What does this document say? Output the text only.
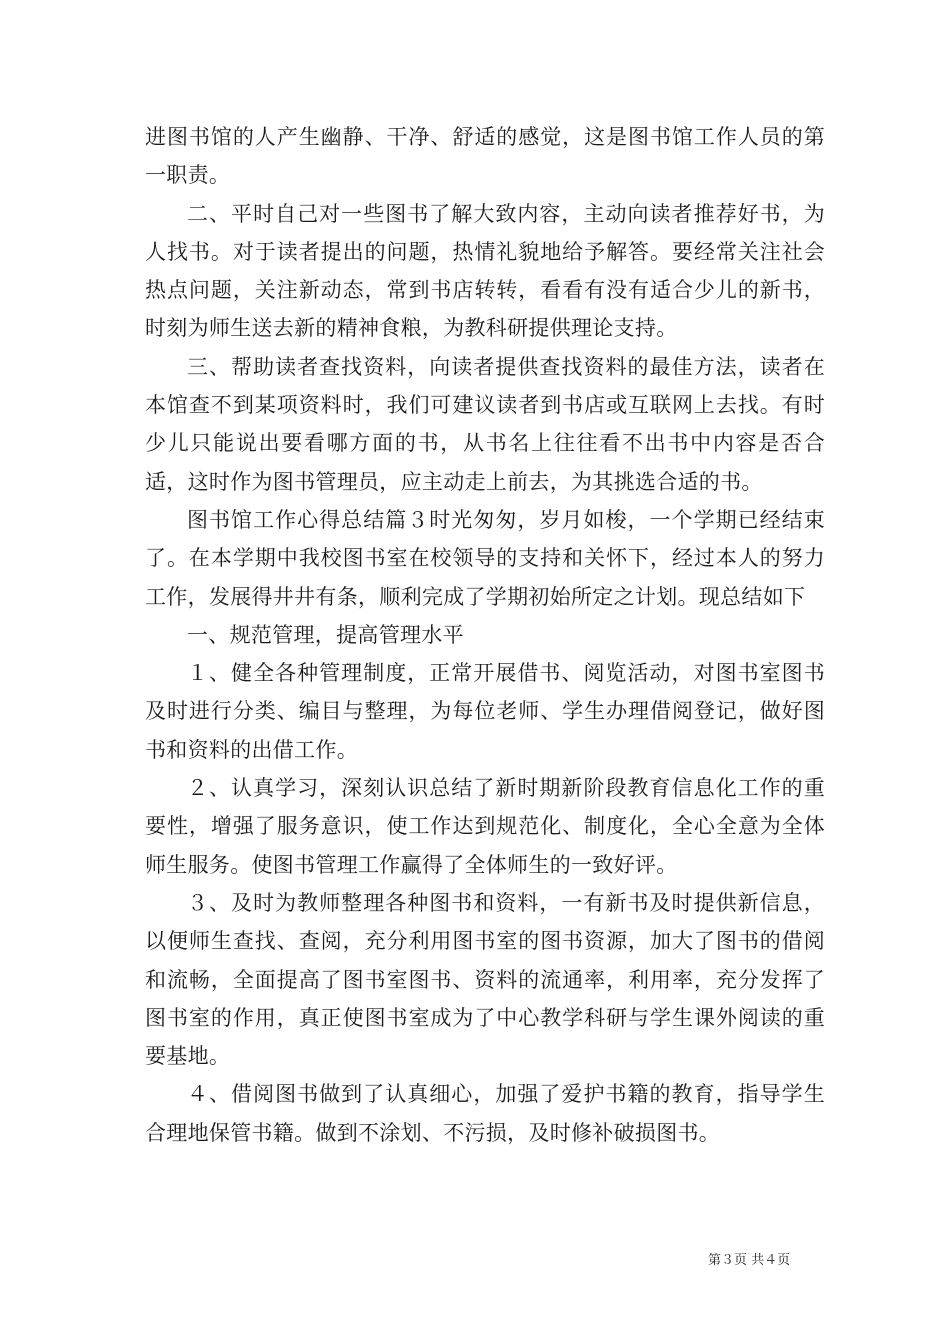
进图书馆的人产生幽静、干净、舒适的感觉，这是图书馆工作人员的第一职责。

二、平时自己对一些图书了解大致内容，主动向读者推荐好书，为人找书。对于读者提出的问题，热情礼貌地给予解答。要经常关注社会热点问题，关注新动态，常到书店转转，看看有没有适合少儿的新书，时刻为师生送去新的精神食粮，为教科研提供理论支持。

三、帮助读者查找资料，向读者提供查找资料的最佳方法，读者在本馆查不到某项资料时，我们可建议读者到书店或互联网上去找。有时少儿只能说出要看哪方面的书，从书名上往往看不出书中内容是否合适，这时作为图书管理员，应主动走上前去，为其挑选合适的书。

图书馆工作心得总结篇３时光匆匆，岁月如梭，一个学期已经结束了。在本学期中我校图书室在校领导的支持和关怀下，经过本人的努力工作，发展得井井有条，顺利完成了学期初始所定之计划。现总结如下

一、规范管理，提高管理水平

１、健全各种管理制度，正常开展借书、阅览活动，对图书室图书及时进行分类、编目与整理，为每位老师、学生办理借阅登记，做好图书和资料的出借工作。

２、认真学习，深刻认识总结了新时期新阶段教育信息化工作的重要性，增强了服务意识，使工作达到规范化、制度化，全心全意为全体师生服务。使图书管理工作赢得了全体师生的一致好评。

３、及时为教师整理各种图书和资料，一有新书及时提供新信息，以便师生查找、查阅，充分利用图书室的图书资源，加大了图书的借阅和流畅，全面提高了图书室图书、资料的流通率，利用率，充分发挥了图书室的作用，真正使图书室成为了中心教学科研与学生课外阅读的重要基地。

４、借阅图书做到了认真细心，加强了爱护书籍的教育，指导学生合理地保管书籍。做到不涂划、不污损，及时修补破损图书。

第３页 共４页
